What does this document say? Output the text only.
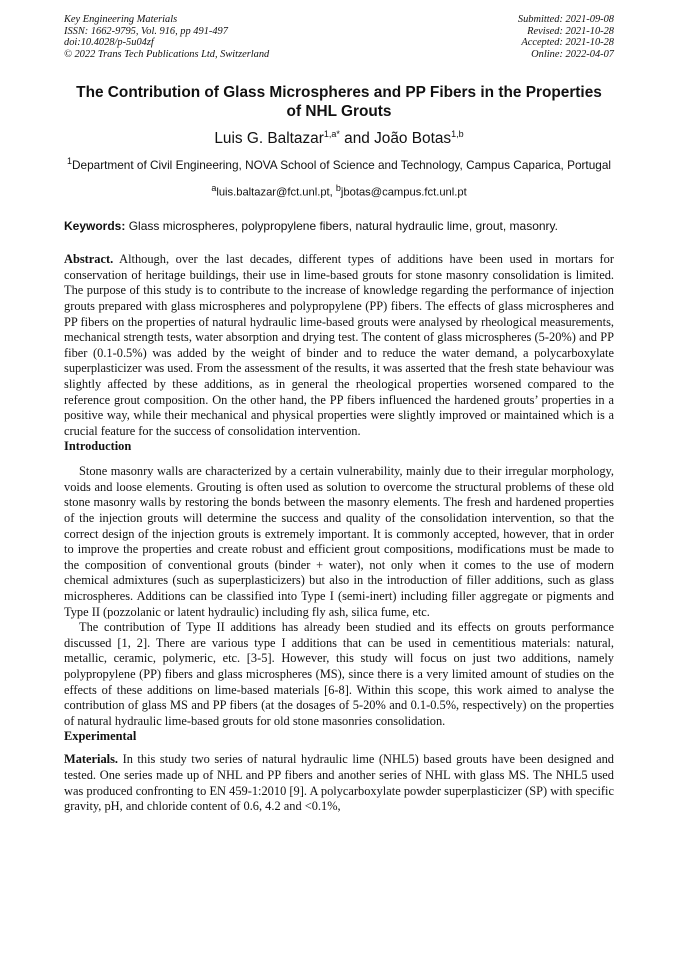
Key Engineering Materials
ISSN: 1662-9795, Vol. 916, pp 491-497
doi:10.4028/p-5u04zf
© 2022 Trans Tech Publications Ltd, Switzerland
Submitted: 2021-09-08
Revised: 2021-10-28
Accepted: 2021-10-28
Online: 2022-04-07
The Contribution of Glass Microspheres and PP Fibers in the Properties
of NHL Grouts
Luis G. Baltazar$^{1,a*}$ and João Botas$^{1,b}$
$^1$Department of Civil Engineering, NOVA School of Science and Technology, Campus Caparica, Portugal
$^a$luis.baltazar@fct.unl.pt, $^b$jbotas@campus.fct.unl.pt
Keywords: Glass microspheres, polypropylene fibers, natural hydraulic lime, grout, masonry.

Abstract. Although, over the last decades, different types of additions have been used in mortars for conservation of heritage buildings, their use in lime-based grouts for stone masonry consolidation is limited. The purpose of this study is to contribute to the increase of knowledge regarding the performance of injection grouts prepared with glass microspheres and polypropylene (PP) fibers. The effects of glass microspheres and PP fibers on the properties of natural hydraulic lime-based grouts were analysed by rheological measurements, mechanical strength tests, water absorption and drying test. The content of glass microspheres (5-20%) and PP fiber (0.1-0.5%) was added by the weight of binder and to reduce the water demand, a polycarboxylate superplasticizer was used. From the assessment of the results, it was asserted that the fresh state behaviour was slightly affected by these additions, as in general the rheological properties worsened compared to the reference grout composition. On the other hand, the PP fibers influenced the hardened grouts’ properties in a positive way, while their mechanical and physical properties were slightly improved or maintained which is a crucial feature for the success of consolidation intervention.

Introduction

Stone masonry walls are characterized by a certain vulnerability, mainly due to their irregular morphology, voids and loose elements. Grouting is often used as solution to overcome the structural problems of these old stone masonry walls by restoring the bonds between the masonry elements. The fresh and hardened properties of the injection grouts will determine the success and quality of the consolidation intervention, so that the correct design of the injection grouts is extremely important. It is commonly accepted, however, that in order to improve the properties and create robust and efficient grout compositions, modifications must be made to the composition of conventional grouts (binder + water), not only when it comes to the use of modern chemical admixtures (such as superplasticizers) but also in the introduction of filler additions, such as glass microspheres. Additions can be classified into Type I (semi-inert) including filler aggregate or pigments and Type II (pozzolanic or latent hydraulic) including fly ash, silica fume, etc.

The contribution of Type II additions has already been studied and its effects on grouts performance discussed [1, 2]. There are various type I additions that can be used in cementitious materials: natural, metallic, ceramic, polymeric, etc. [3-5]. However, this study will focus on just two additions, namely polypropylene (PP) fibers and glass microspheres (MS), since there is a very limited amount of studies on the effects of these additions on lime-based materials [6-8]. Within this scope, this work aimed to analyse the contribution of glass MS and PP fibers (at the dosages of 5-20% and 0.1-0.5%, respectively) on the properties of natural hydraulic lime-based grouts for old stone masonries consolidation.

Experimental

Materials. In this study two series of natural hydraulic lime (NHL5) based grouts have been designed and tested. One series made up of NHL and PP fibers and another series of NHL with glass MS. The NHL5 used was produced confronting to EN 459-1:2010 [9]. A polycarboxylate powder superplasticizer (SP) with specific gravity, pH, and chloride content of 0.6, 4.2 and <0.1%,
